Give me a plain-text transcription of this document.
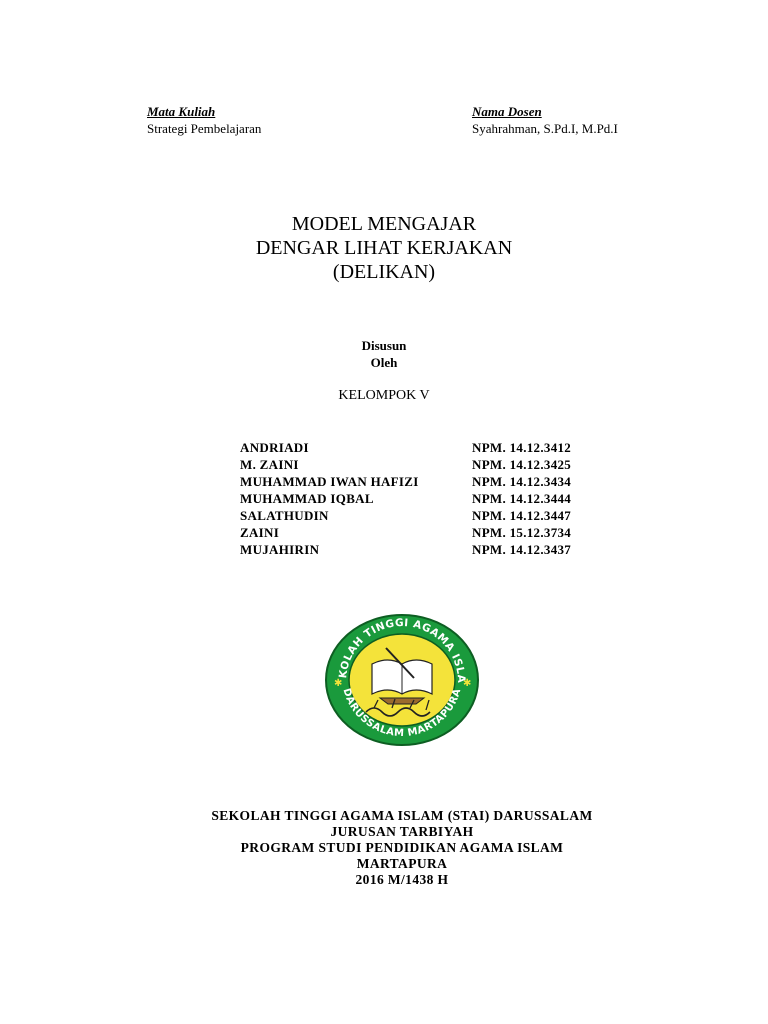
Mata Kuliah
Strategi Pembelajaran
Nama Dosen
Syahrahman, S.Pd.I, M.Pd.I
MODEL MENGAJAR
DENGAR LIHAT KERJAKAN
(DELIKAN)
Disusun
Oleh
KELOMPOK V
ANDRIADI	NPM. 14.12.3412
M. ZAINI	NPM. 14.12.3425
MUHAMMAD IWAN HAFIZI	NPM. 14.12.3434
MUHAMMAD IQBAL	NPM. 14.12.3444
SALATHUDIN	NPM. 14.12.3447
ZAINI	NPM. 15.12.3734
MUJAHIRIN	NPM. 14.12.3437
KOLAH TINGGI AGAMA ISLA
DARUSSALAM MARTAPURA
✱	✱
SEKOLAH TINGGI AGAMA ISLAM (STAI) DARUSSALAM
JURUSAN TARBIYAH
PROGRAM STUDI PENDIDIKAN AGAMA ISLAM
MARTAPURA
2016 M/1438 H
